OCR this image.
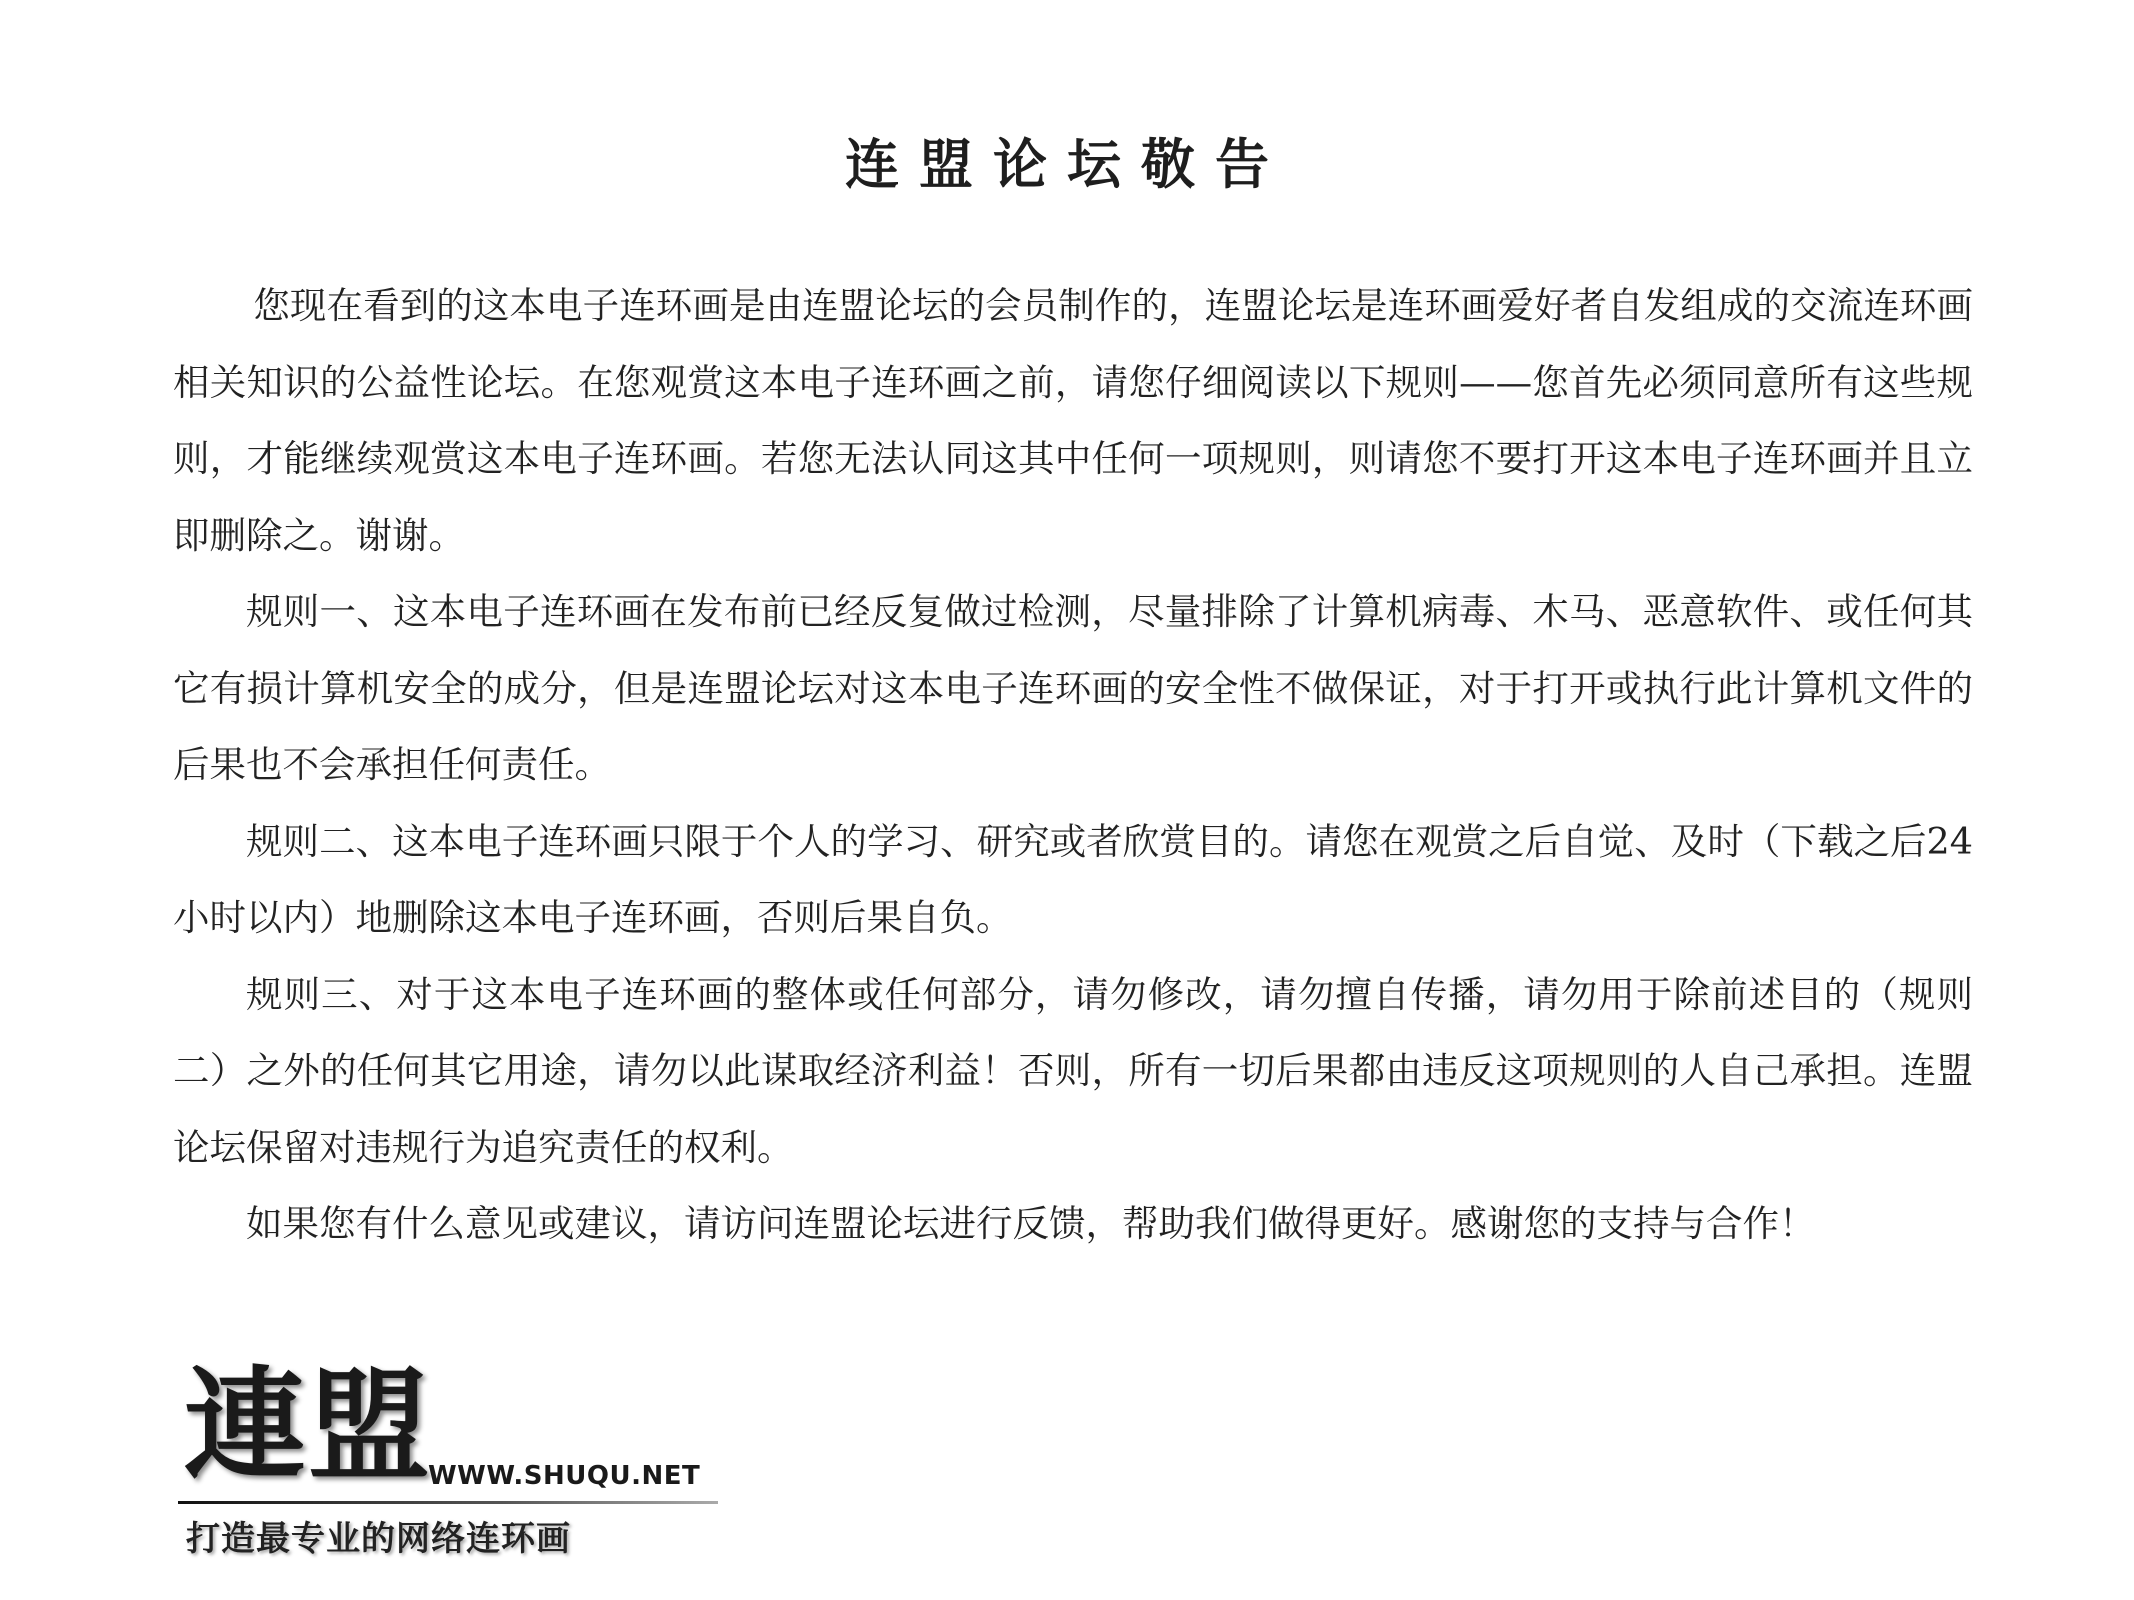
连盟论坛敬告

您现在看到的这本电子连环画是由连盟论坛的会员制作的，连盟论坛是连环画爱好者自发组成的交流连环画相关知识的公益性论坛。在您观赏这本电子连环画之前，请您仔细阅读以下规则——您首先必须同意所有这些规则，才能继续观赏这本电子连环画。若您无法认同这其中任何一项规则，则请您不要打开这本电子连环画并且立即删除之。谢谢。

规则一、这本电子连环画在发布前已经反复做过检测，尽量排除了计算机病毒、木马、恶意软件、或任何其它有损计算机安全的成分，但是连盟论坛对这本电子连环画的安全性不做保证，对于打开或执行此计算机文件的后果也不会承担任何责任。

规则二、这本电子连环画只限于个人的学习、研究或者欣赏目的。请您在观赏之后自觉、及时（下载之后24小时以内）地删除这本电子连环画，否则后果自负。

规则三、对于这本电子连环画的整体或任何部分，请勿修改，请勿擅自传播，请勿用于除前述目的（规则二）之外的任何其它用途，请勿以此谋取经济利益！否则，所有一切后果都由违反这项规则的人自己承担。连盟论坛保留对违规行为追究责任的权利。

如果您有什么意见或建议，请访问连盟论坛进行反馈，帮助我们做得更好。感谢您的支持与合作！

連盟
WWW.SHUQU.NET
打造最专业的网络连环画
